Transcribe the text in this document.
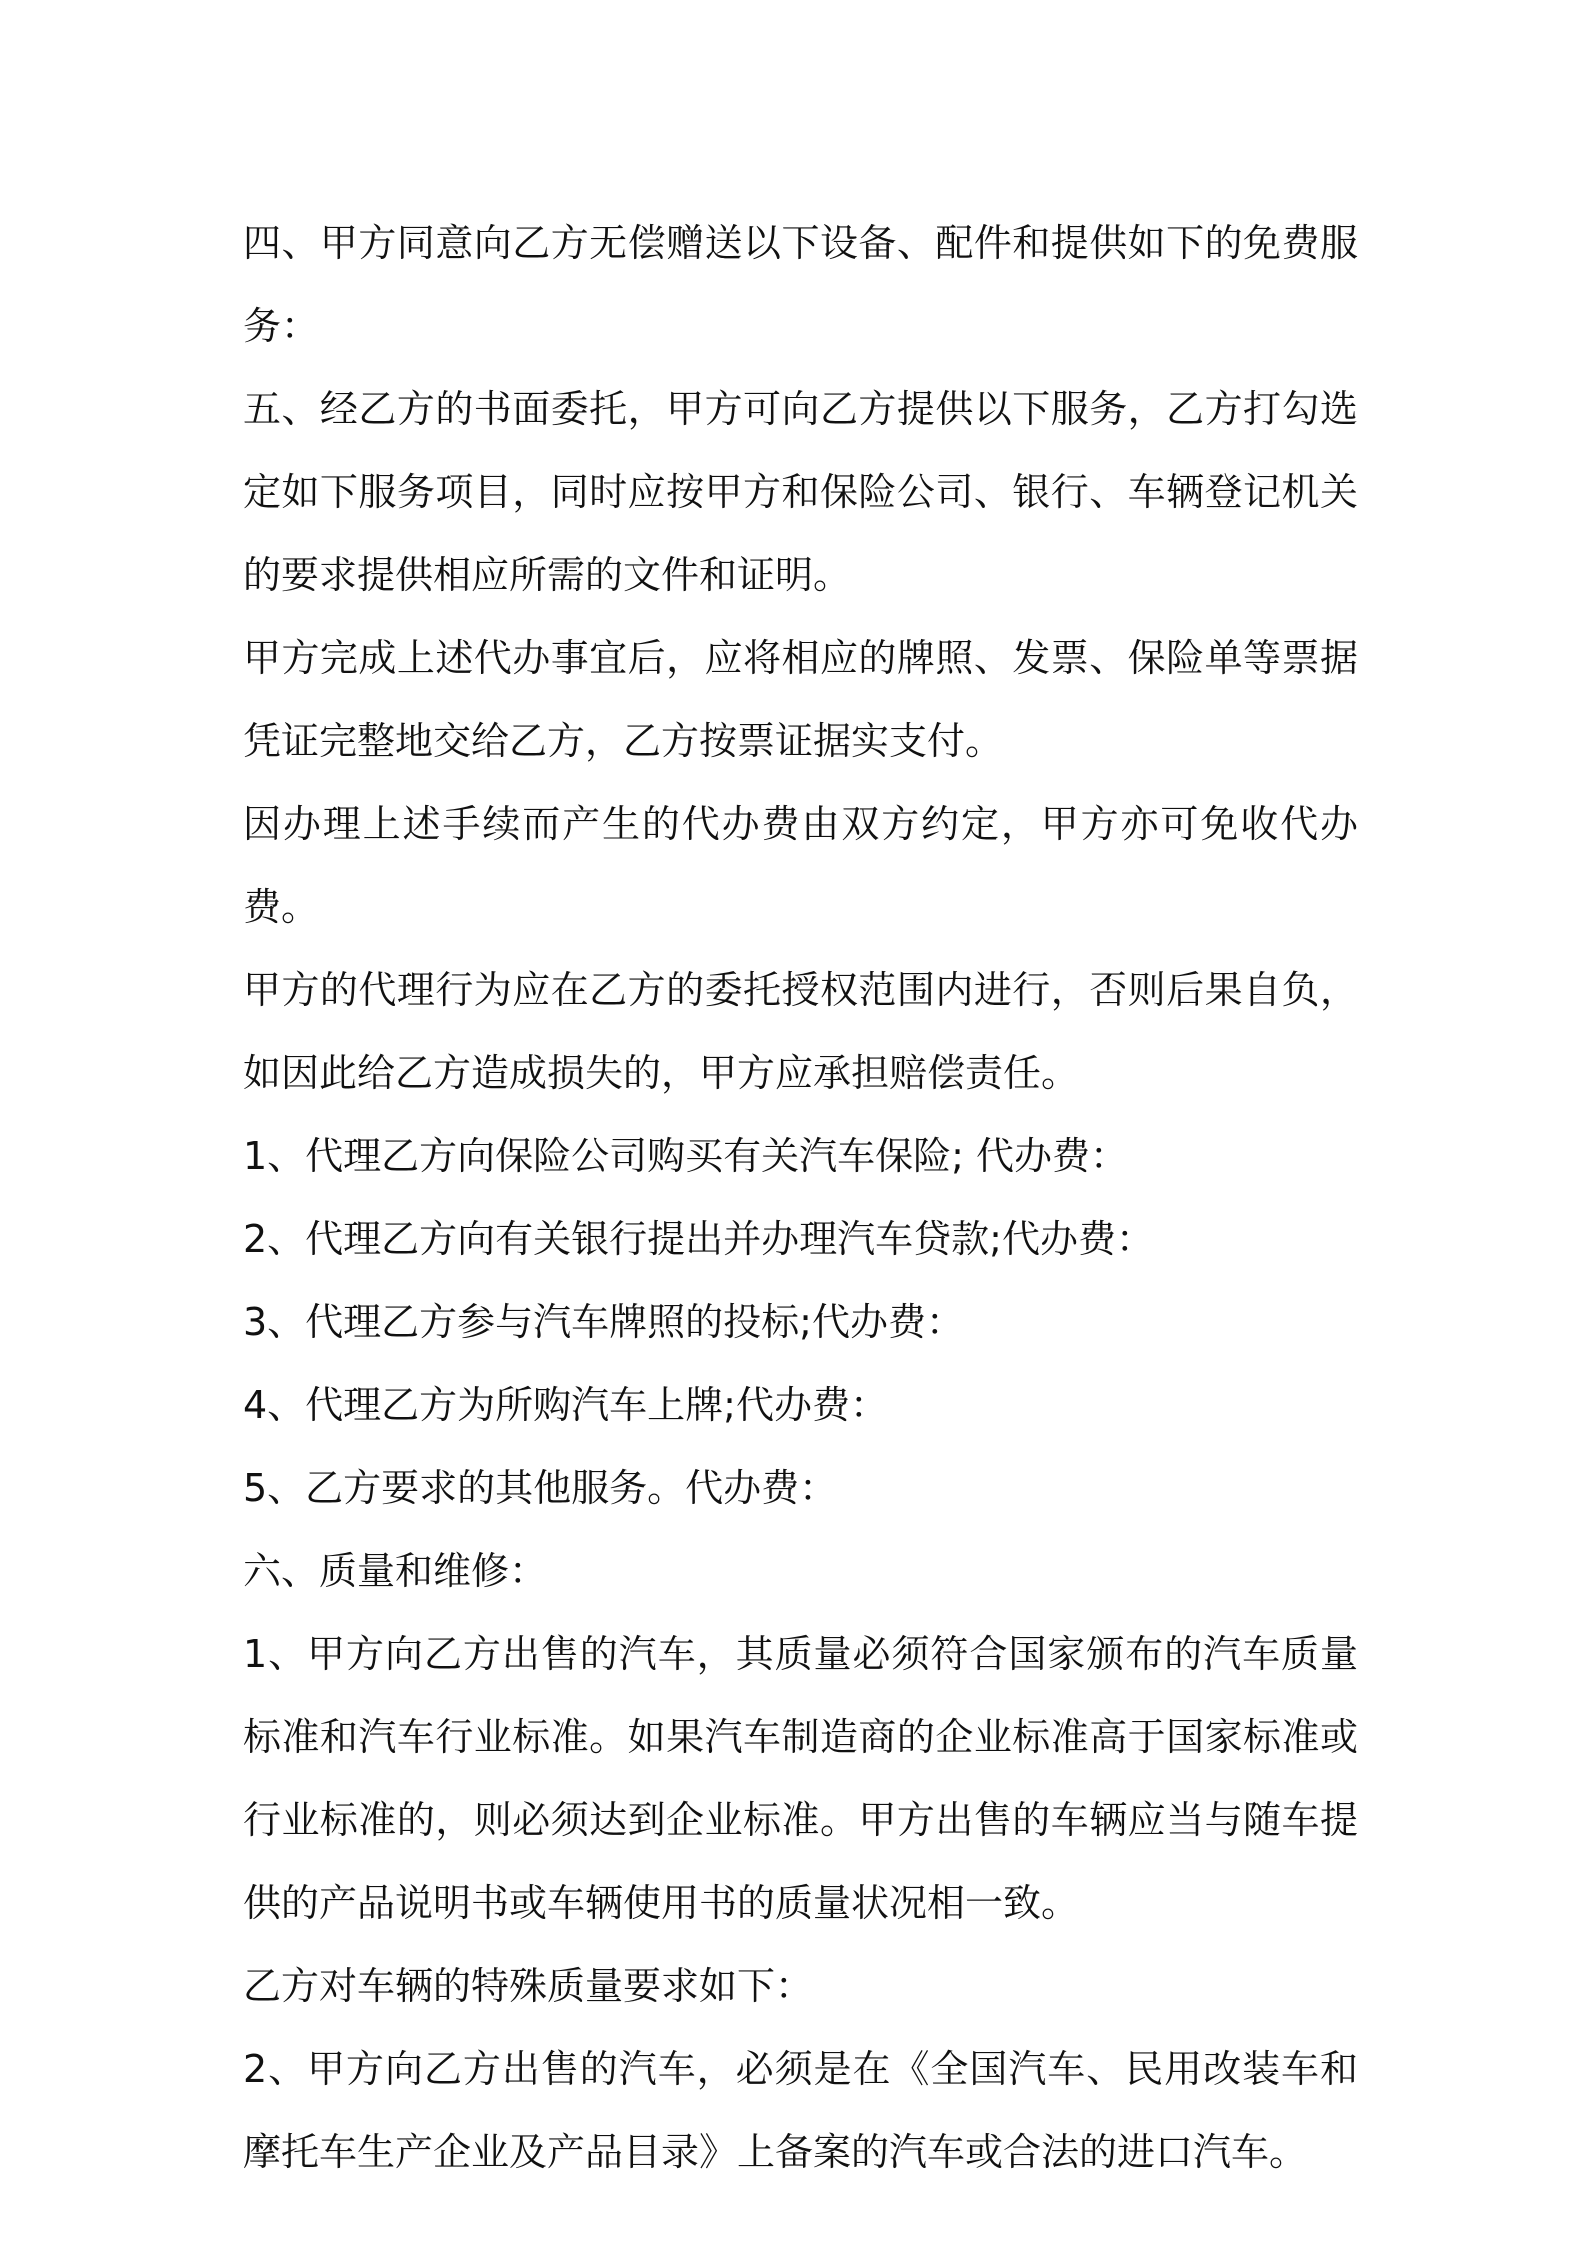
四、甲方同意向乙方无偿赠送以下设备、配件和提供如下的免费服务：

五、经乙方的书面委托，甲方可向乙方提供以下服务，乙方打勾选定如下服务项目，同时应按甲方和保险公司、银行、车辆登记机关的要求提供相应所需的文件和证明。

甲方完成上述代办事宜后，应将相应的牌照、发票、保险单等票据凭证完整地交给乙方，乙方按票证据实支付。

因办理上述手续而产生的代办费由双方约定，甲方亦可免收代办费。

甲方的代理行为应在乙方的委托授权范围内进行，否则后果自负，如因此给乙方造成损失的，甲方应承担赔偿责任。

1、代理乙方向保险公司购买有关汽车保险; 代办费：

2、代理乙方向有关银行提出并办理汽车贷款;代办费：

3、代理乙方参与汽车牌照的投标;代办费：

4、代理乙方为所购汽车上牌;代办费：

5、乙方要求的其他服务。代办费：

六、质量和维修：

1、甲方向乙方出售的汽车，其质量必须符合国家颁布的汽车质量标准和汽车行业标准。如果汽车制造商的企业标准高于国家标准或行业标准的，则必须达到企业标准。甲方出售的车辆应当与随车提供的产品说明书或车辆使用书的质量状况相一致。

乙方对车辆的特殊质量要求如下：

2、甲方向乙方出售的汽车，必须是在《全国汽车、民用改装车和摩托车生产企业及产品目录》上备案的汽车或合法的进口汽车。
